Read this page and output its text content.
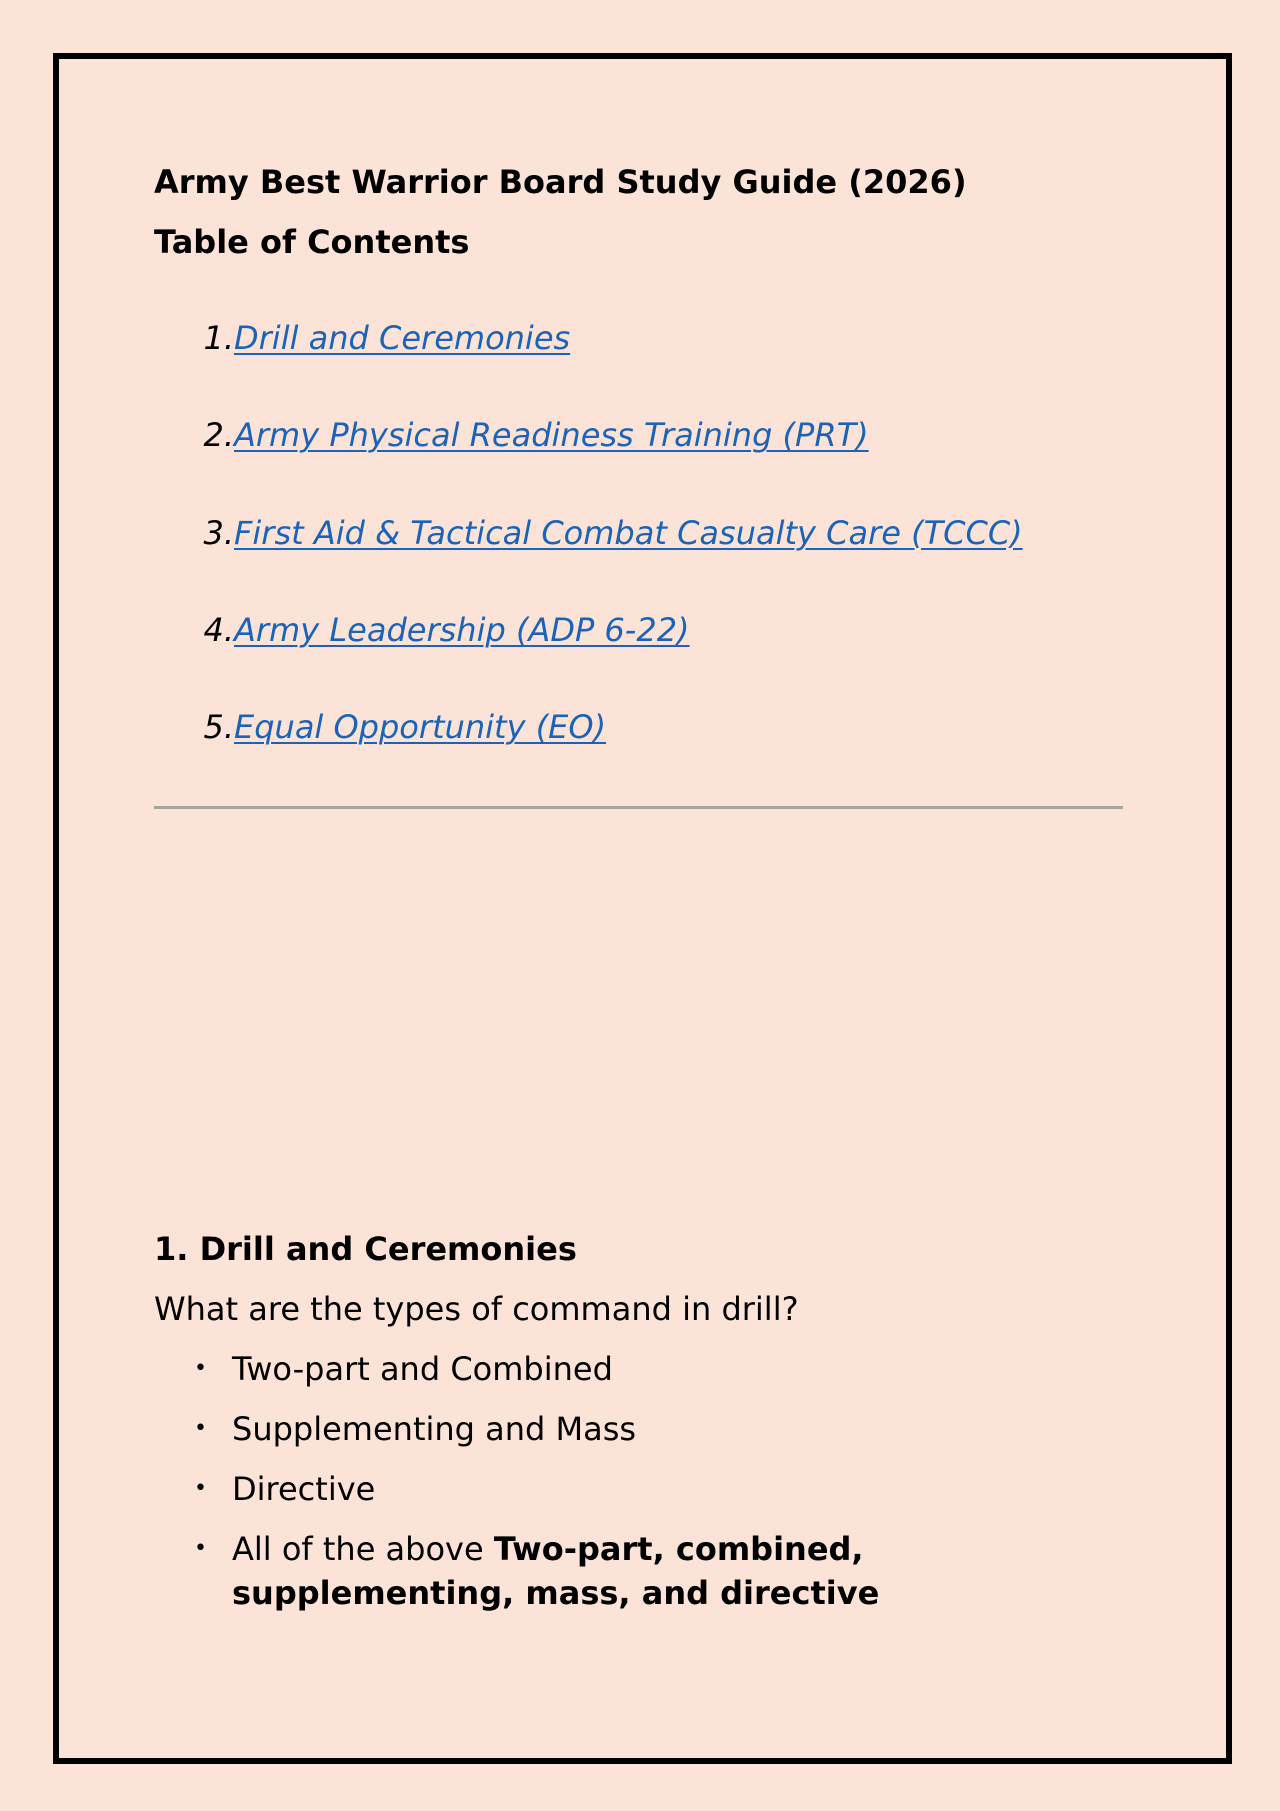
Army Best Warrior Board Study Guide (2026)
Table of Contents
1.Drill and Ceremonies
2.Army Physical Readiness Training (PRT)
3.First Aid & Tactical Combat Casualty Care (TCCC)
4.Army Leadership (ADP 6-22)
5.Equal Opportunity (EO)
1. Drill and Ceremonies

What are the types of command in drill?

• Two-part and Combined
• Supplementing and Mass
• Directive
• All of the above Two-part, combined, supplementing, mass, and directive
